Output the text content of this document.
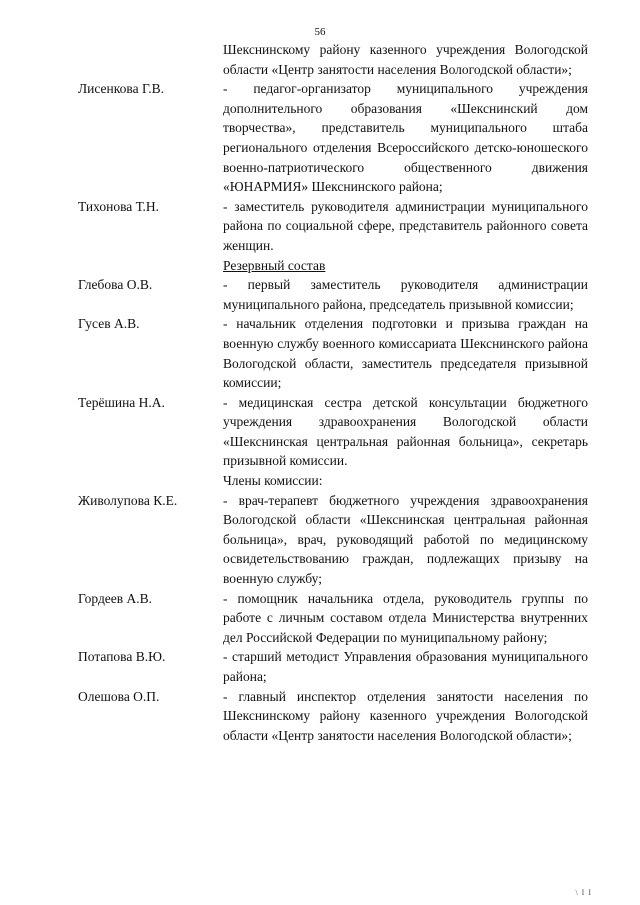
56
Шекснинскому району казенного учреждения Вологодской области «Центр занятости населения Вологодской области»;
Лисенкова Г.В.	- педагог-организатор муниципального учреждения дополнительного образования «Шекснинский дом творчества», представитель муниципального штаба регионального отделения Всероссийского детско-юношеского военно-патриотического общественного движения «ЮНАРМИЯ» Шекснинского района;
Тихонова Т.Н.	- заместитель руководителя администрации муниципального района по социальной сфере, представитель районного совета женщин.
Резервный состав
Глебова О.В.	- первый заместитель руководителя администрации муниципального района, председатель призывной комиссии;
Гусев А.В.	- начальник отделения подготовки и призыва граждан на военную службу военного комиссариата Шекснинского района Вологодской области, заместитель председателя призывной комиссии;
Терёшина Н.А.	- медицинская сестра детской консультации бюджетного учреждения здравоохранения Вологодской области «Шекснинская центральная районная больница», секретарь призывной комиссии.
Члены комиссии:
Живолупова К.Е.	- врач-терапевт бюджетного учреждения здравоохранения Вологодской области «Шекснинская центральная районная больница», врач, руководящий работой по медицинскому освидетельствованию граждан, подлежащих призыву на военную службу;
Гордеев А.В.	- помощник начальника отдела, руководитель группы по работе с личным составом отдела Министерства внутренних дел Российской Федерации по муниципальному району;
Потапова В.Ю.	- старший методист Управления образования муниципального района;
Олешова О.П.	- главный инспектор отделения занятости населения по Шекснинскому району казенного учреждения Вологодской области «Центр занятости населения Вологодской области»;
\ I I
